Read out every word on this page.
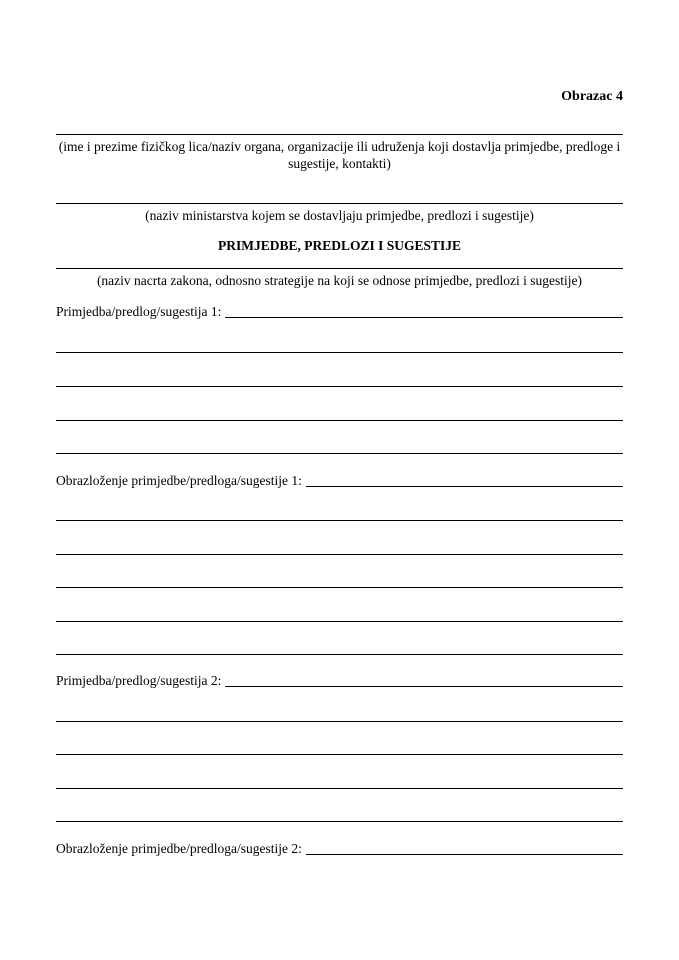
Obrazac 4
(ime i prezime fizičkog lica/naziv organa, organizacije ili udruženja koji dostavlja primjedbe, predloge i sugestije, kontakti)
(naziv ministarstva kojem se dostavljaju primjedbe, predlozi i sugestije)
PRIMJEDBE, PREDLOZI I SUGESTIJE
(naziv nacrta zakona, odnosno strategije na koji se odnose primjedbe, predlozi i sugestije)
Primjedba/predlog/sugestija 1:
Obrazloženje primjedbe/predloga/sugestije 1:
Primjedba/predlog/sugestija 2:
Obrazloženje primjedbe/predloga/sugestije 2:
